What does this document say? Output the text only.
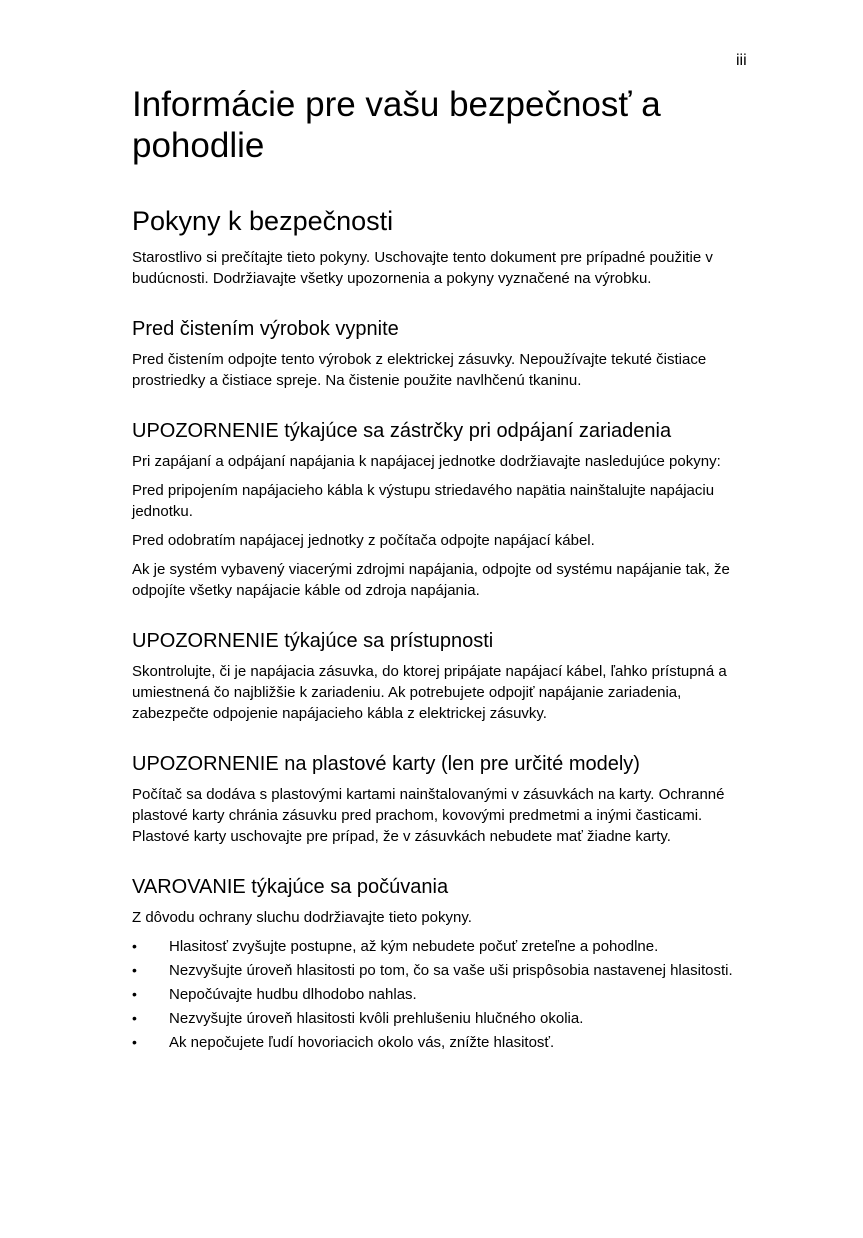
iii
Informácie pre vašu bezpečnosť a pohodlie
Pokyny k bezpečnosti

Starostlivo si prečítajte tieto pokyny. Uschovajte tento dokument pre prípadné použitie v budúcnosti. Dodržiavajte všetky upozornenia a pokyny vyznačené na výrobku.

Pred čistením výrobok vypnite

Pred čistením odpojte tento výrobok z elektrickej zásuvky. Nepoužívajte tekuté čistiace prostriedky a čistiace spreje. Na čistenie použite navlhčenú tkaninu.

UPOZORNENIE týkajúce sa zástrčky pri odpájaní zariadenia

Pri zapájaní a odpájaní napájania k napájacej jednotke dodržiavajte nasledujúce pokyny:

Pred pripojením napájacieho kábla k výstupu striedavého napätia nainštalujte napájaciu jednotku.

Pred odobratím napájacej jednotky z počítača odpojte napájací kábel.

Ak je systém vybavený viacerými zdrojmi napájania, odpojte od systému napájanie tak, že odpojíte všetky napájacie káble od zdroja napájania.

UPOZORNENIE týkajúce sa prístupnosti

Skontrolujte, či je napájacia zásuvka, do ktorej pripájate napájací kábel, ľahko prístupná a umiestnená čo najbližšie k zariadeniu. Ak potrebujete odpojiť napájanie zariadenia, zabezpečte odpojenie napájacieho kábla z elektrickej zásuvky.

UPOZORNENIE na plastové karty (len pre určité modely)

Počítač sa dodáva s plastovými kartami nainštalovanými v zásuvkách na karty. Ochranné plastové karty chránia zásuvku pred prachom, kovovými predmetmi a inými časticami. Plastové karty uschovajte pre prípad, že v zásuvkách nebudete mať žiadne karty.

VAROVANIE týkajúce sa počúvania

Z dôvodu ochrany sluchu dodržiavajte tieto pokyny.

• Hlasitosť zvyšujte postupne, až kým nebudete počuť zreteľne a pohodlne.
• Nezvyšujte úroveň hlasitosti po tom, čo sa vaše uši prispôsobia nastavenej hlasitosti.
• Nepočúvajte hudbu dlhodobo nahlas.
• Nezvyšujte úroveň hlasitosti kvôli prehlušeniu hlučného okolia.
• Ak nepočujete ľudí hovoriacich okolo vás, znížte hlasitosť.
